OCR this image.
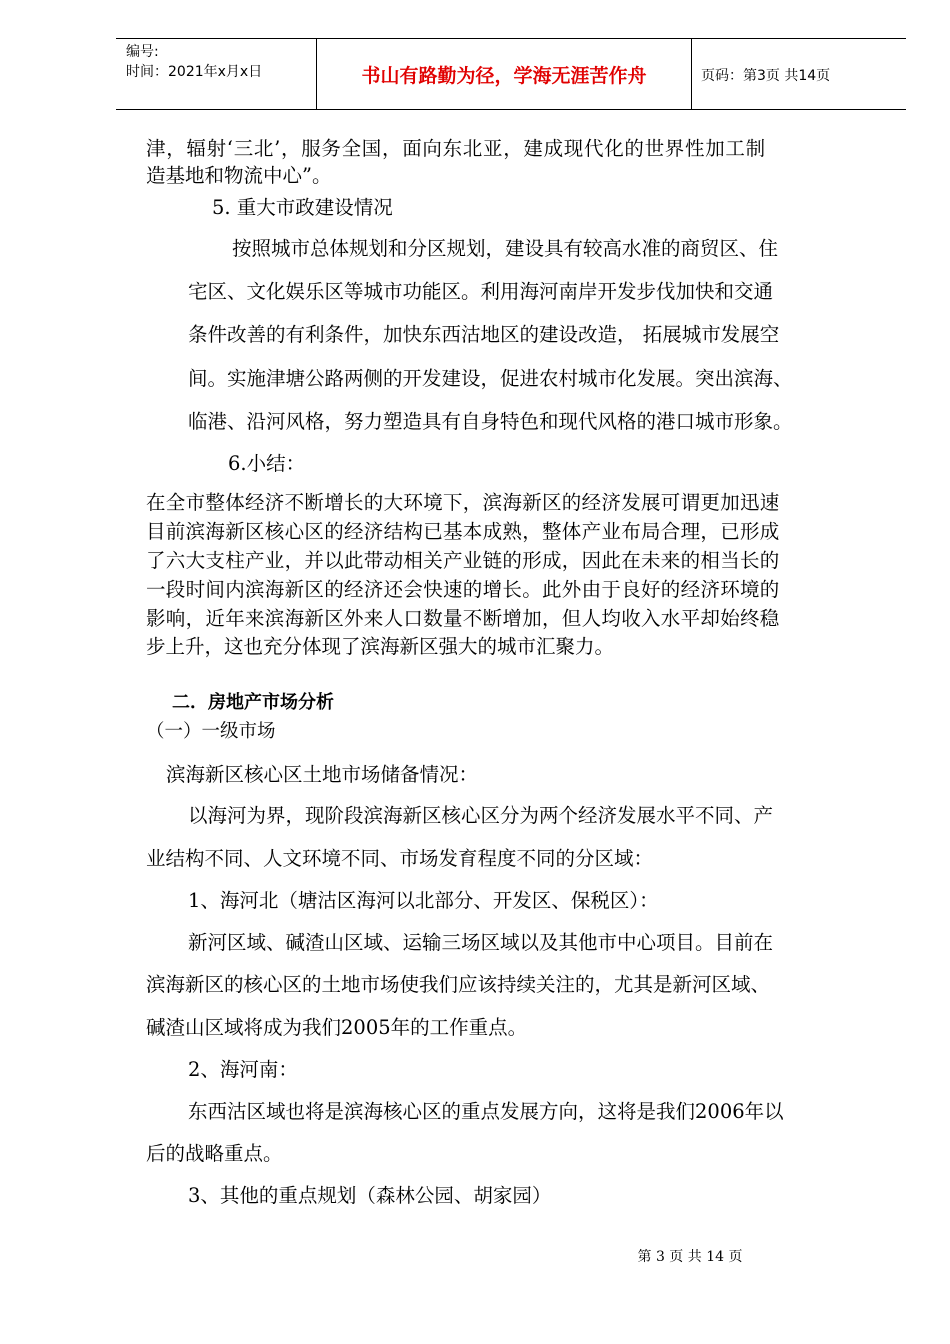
编号:
时间：2021年x月x日	书山有路勤为径，学海无涯苦作舟	页码：第3页 共14页
津，辐射‘三北’，服务全国，面向东北亚，建成现代化的世界性加工制
造基地和物流中心”。
5. 重大市政建设情况
按照城市总体规划和分区规划，建设具有较高水准的商贸区、住
宅区、文化娱乐区等城市功能区。利用海河南岸开发步伐加快和交通
条件改善的有利条件，加快东西沽地区的建设改造， 拓展城市发展空
间。实施津塘公路两侧的开发建设，促进农村城市化发展。突出滨海、
临港、沿河风格，努力塑造具有自身特色和现代风格的港口城市形象。
6.小结：
在全市整体经济不断增长的大环境下，滨海新区的经济发展可谓更加迅速
目前滨海新区核心区的经济结构已基本成熟，整体产业布局合理，已形成
了六大支柱产业，并以此带动相关产业链的形成，因此在未来的相当长的
一段时间内滨海新区的经济还会快速的增长。此外由于良好的经济环境的
影响，近年来滨海新区外来人口数量不断增加，但人均收入水平却始终稳
步上升，这也充分体现了滨海新区强大的城市汇聚力。
二．房地产市场分析
（一）一级市场
滨海新区核心区土地市场储备情况：
以海河为界，现阶段滨海新区核心区分为两个经济发展水平不同、产
业结构不同、人文环境不同、市场发育程度不同的分区域：
1、海河北（塘沽区海河以北部分、开发区、保税区）：
新河区域、碱渣山区域、运输三场区域以及其他市中心项目。目前在
滨海新区的核心区的土地市场使我们应该持续关注的，尤其是新河区域、
碱渣山区域将成为我们2005年的工作重点。
2、海河南：
东西沽区域也将是滨海核心区的重点发展方向，这将是我们2006年以
后的战略重点。
3、其他的重点规划（森林公园、胡家园）
第 3 页 共 14 页
